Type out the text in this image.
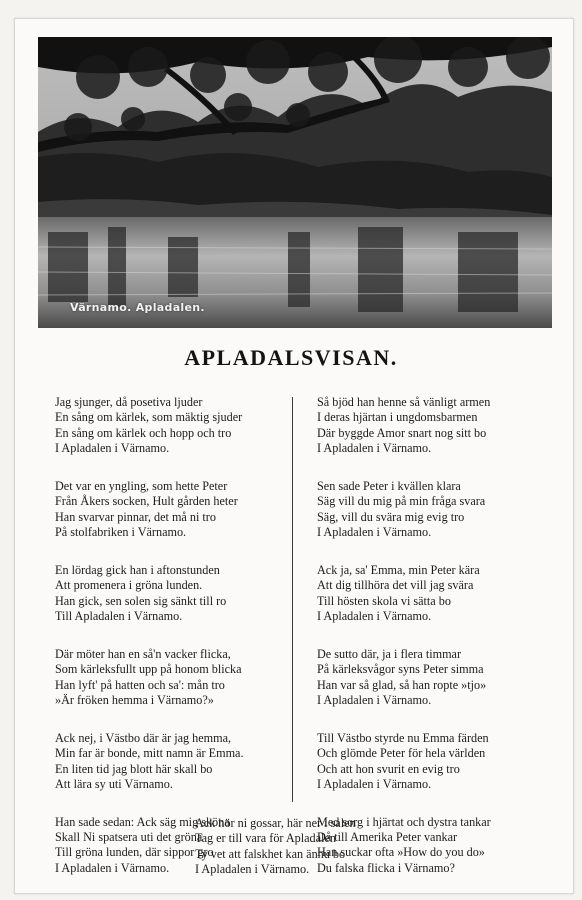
Värnamo. Apladalen.
APLADALSVISAN.
Jag sjunger, då posetiva ljuder
En sång om kärlek, som mäktig sjuder
En sång om kärlek och hopp och tro
I Apladalen i Värnamo.
Det var en yngling, som hette Peter
Från Åkers socken, Hult gården heter
Han svarvar pinnar, det må ni tro
På stolfabriken i Värnamo.
En lördag gick han i aftonstunden
Att promenera i gröna lunden.
Han gick, sen solen sig sänkt till ro
Till Apladalen i Värnamo.
Där möter han en så'n vacker flicka,
Som kärleksfullt upp på honom blicka
Han lyft' på hatten och sa': mån tro
»Är fröken hemma i Värnamo?»
Ack nej, i Västbo där är jag hemma,
Min far är bonde, mitt namn är Emma.
En liten tid jag blott här skall bo
Att lära sy uti Värnamo.
Han sade sedan: Ack säg mig sköna
Skall Ni spatsera uti det gröna
Till gröna lunden, där sippor gro
I Apladalen i Värnamo.
Så bjöd han henne så vänligt armen
I deras hjärtan i ungdomsbarmen
Där byggde Amor snart nog sitt bo
I Apladalen i Värnamo.
Sen sade Peter i kvällen klara
Säg vill du mig på min fråga svara
Säg, vill du svära mig evig tro
I Apladalen i Värnamo.
Ack ja, sa' Emma, min Peter kära
Att dig tillhöra det vill jag svära
Till hösten skola vi sätta bo
I Apladalen i Värnamo.
De sutto där, ja i flera timmar
På kärleksvågor syns Peter simma
Han var så glad, så han ropte »tjo»
I Apladalen i Värnamo.
Till Västbo styrde nu Emma färden
Och glömde Peter för hela världen
Och att hon svurit en evig tro
I Apladalen i Värnamo.
Med sorg i hjärtat och dystra tankar
Då till Amerika Peter vankar
Han suckar ofta »How do you do»
Du falska flicka i Värnamo?
Ack hör ni gossar, här ner i salen
Tag er till vara för Apladalen
Ty vet att falskhet kan ännu bo
I Apladalen i Värnamo.
